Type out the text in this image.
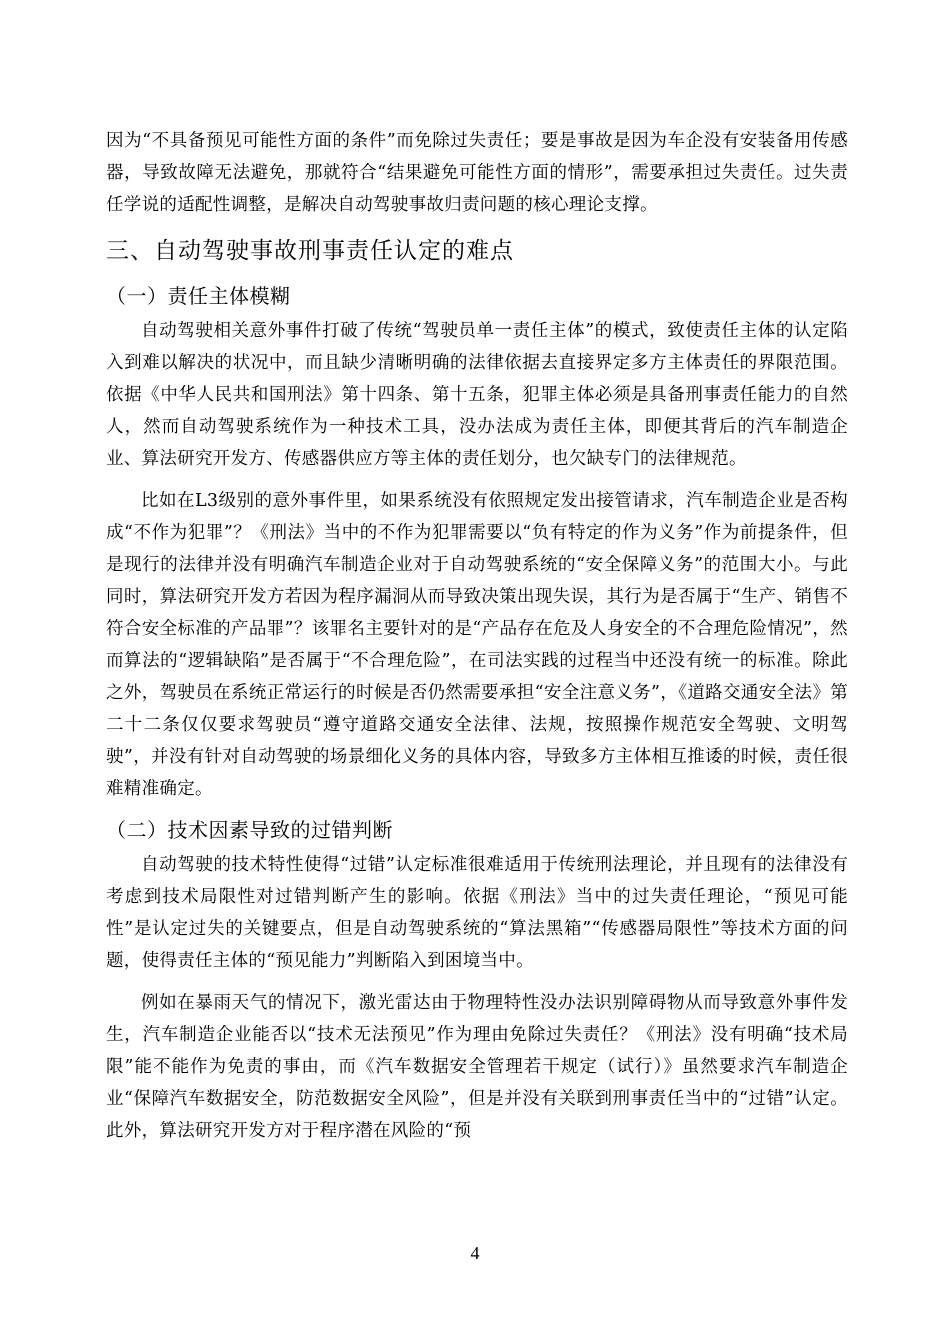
因为“不具备预见可能性方面的条件”而免除过失责任；要是事故是因为车企没有安装备用传感器，导致故障无法避免，那就符合“结果避免可能性方面的情形”，需要承担过失责任。过失责任学说的适配性调整，是解决自动驾驶事故归责问题的核心理论支撑。

三、自动驾驶事故刑事责任认定的难点
（一）责任主体模糊

自动驾驶相关意外事件打破了传统“驾驶员单一责任主体”的模式，致使责任主体的认定陷入到难以解决的状况中，而且缺少清晰明确的法律依据去直接界定多方主体责任的界限范围。依据《中华人民共和国刑法》第十四条、第十五条，犯罪主体必须是具备刑事责任能力的自然人，然而自动驾驶系统作为一种技术工具，没办法成为责任主体，即便其背后的汽车制造企业、算法研究开发方、传感器供应方等主体的责任划分，也欠缺专门的法律规范。

比如在L3级别的意外事件里，如果系统没有依照规定发出接管请求，汽车制造企业是否构成“不作为犯罪”？《刑法》当中的不作为犯罪需要以“负有特定的作为义务”作为前提条件，但是现行的法律并没有明确汽车制造企业对于自动驾驶系统的“安全保障义务”的范围大小。与此同时，算法研究开发方若因为程序漏洞从而导致决策出现失误，其行为是否属于“生产、销售不符合安全标准的产品罪”？该罪名主要针对的是“产品存在危及人身安全的不合理危险情况”，然而算法的“逻辑缺陷”是否属于“不合理危险”，在司法实践的过程当中还没有统一的标准。除此之外，驾驶员在系统正常运行的时候是否仍然需要承担“安全注意义务”，《道路交通安全法》第二十二条仅仅要求驾驶员“遵守道路交通安全法律、法规，按照操作规范安全驾驶、文明驾驶”，并没有针对自动驾驶的场景细化义务的具体内容，导致多方主体相互推诿的时候，责任很难精准确定。

（二）技术因素导致的过错判断

自动驾驶的技术特性使得“过错”认定标准很难适用于传统刑法理论，并且现有的法律没有考虑到技术局限性对过错判断产生的影响。依据《刑法》当中的过失责任理论，“预见可能性”是认定过失的关键要点，但是自动驾驶系统的“算法黑箱”“传感器局限性”等技术方面的问题，使得责任主体的“预见能力”判断陷入到困境当中。

例如在暴雨天气的情况下，激光雷达由于物理特性没办法识别障碍物从而导致意外事件发生，汽车制造企业能否以“技术无法预见”作为理由免除过失责任？《刑法》没有明确“技术局限”能不能作为免责的事由，而《汽车数据安全管理若干规定（试行）》虽然要求汽车制造企业“保障汽车数据安全，防范数据安全风险”，但是并没有关联到刑事责任当中的“过错”认定。此外，算法研究开发方对于程序潜在风险的“预

4
